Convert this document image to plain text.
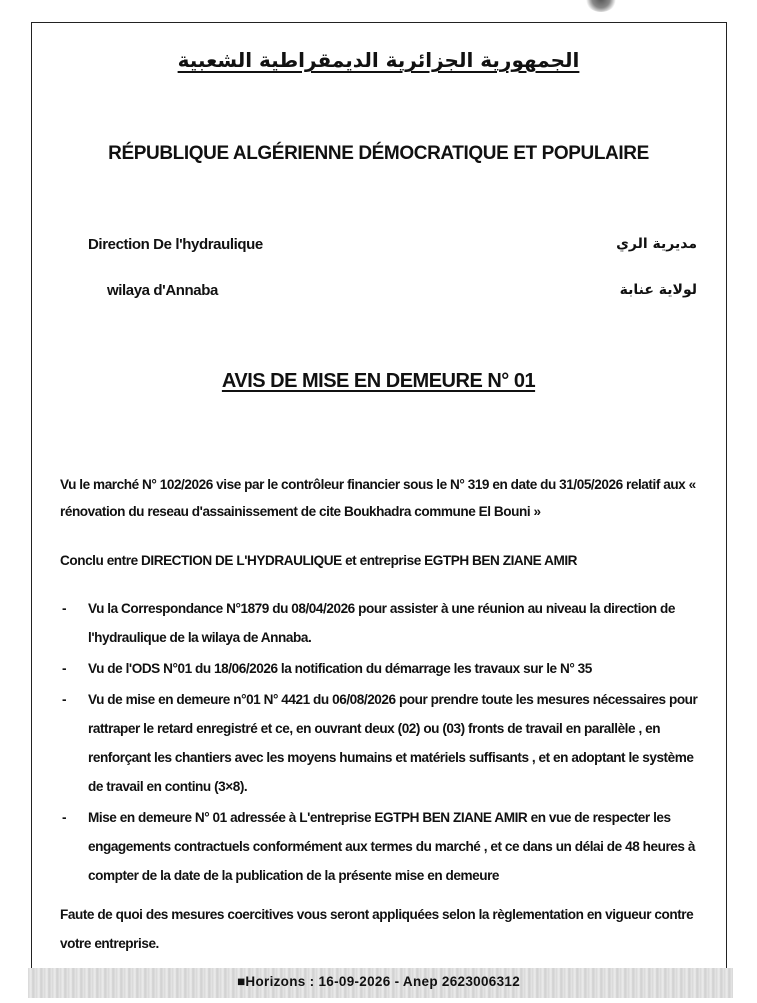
الجمهورية الجزائرية الديمقراطية الشعبية
RÉPUBLIQUE ALGÉRIENNE DÉMOCRATIQUE ET POPULAIRE
Direction De l'hydraulique
wilaya d'Annaba
مديرية الري
لولاية عنابة
AVIS DE MISE EN DEMEURE N° 01
Vu le marché N° 102/2026 vise par le contrôleur financier sous le N° 319 en date du 31/05/2026 relatif aux « rénovation du reseau d'assainissement de cite Boukhadra commune El Bouni »
Conclu entre DIRECTION DE L'HYDRAULIQUE et entreprise EGTPH BEN ZIANE AMIR
- Vu la Correspondance N°1879 du 08/04/2026 pour assister à une réunion au niveau la direction de l'hydraulique de la wilaya de Annaba.
- Vu de l'ODS N°01 du 18/06/2026 la notification du démarrage les travaux sur le N° 35
- Vu de mise en demeure n°01 N° 4421 du 06/08/2026 pour prendre toute les mesures nécessaires pour rattraper le retard enregistré et ce, en ouvrant deux (02) ou (03) fronts de travail en parallèle , en renforçant les chantiers avec les moyens humains et matériels suffisants , et en adoptant le système de travail en continu (3×8).
- Mise en demeure N° 01 adressée à L'entreprise EGTPH BEN ZIANE AMIR en vue de respecter les engagements contractuels conformément aux termes du marché , et ce dans un délai de 48 heures à compter de la date de la publication de la présente mise en demeure
Faute de quoi des mesures coercitives vous seront appliquées selon la règlementation en vigueur contre votre entreprise.
■Horizons : 16-09-2026 - Anep 2623006312
